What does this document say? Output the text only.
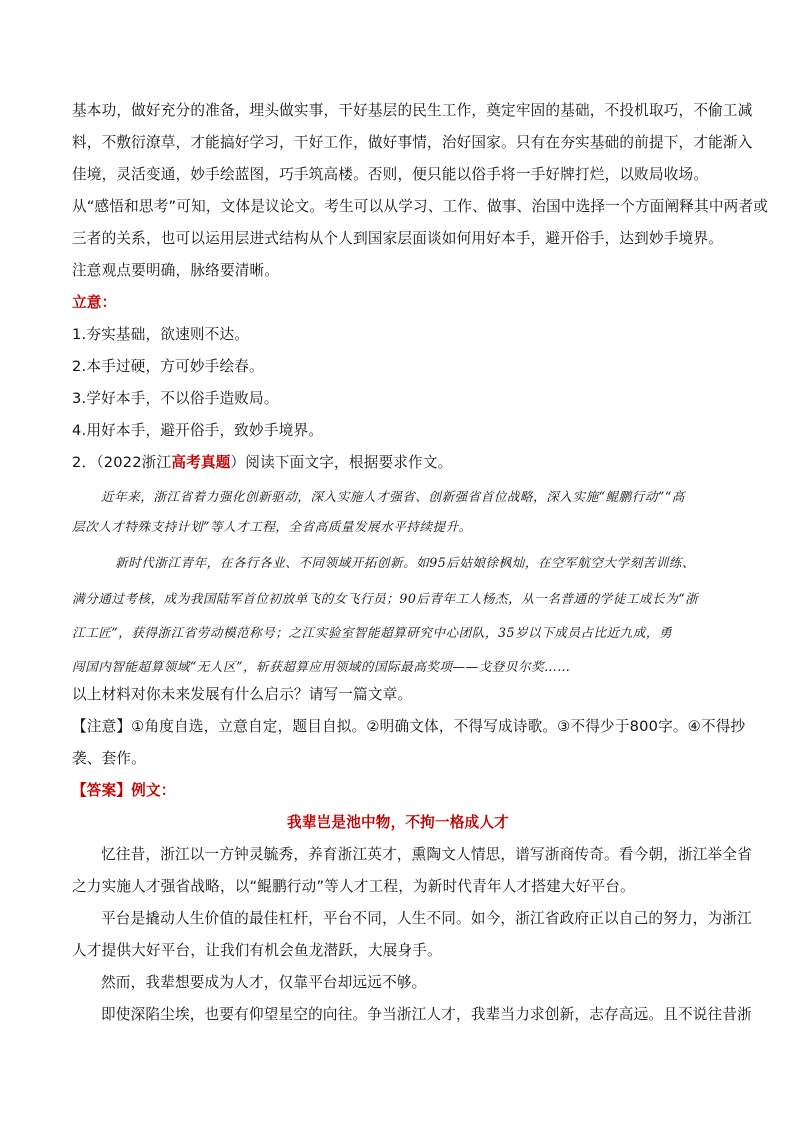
基本功，做好充分的准备，埋头做实事，干好基层的民生工作，奠定牢固的基础，不投机取巧，不偷工减
料，不敷衍潦草，才能搞好学习，干好工作，做好事情，治好国家。只有在夯实基础的前提下，才能渐入
佳境，灵活变通，妙手绘蓝图，巧手筑高楼。否则，便只能以俗手将一手好牌打烂，以败局收场。
从“感悟和思考”可知，文体是议论文。考生可以从学习、工作、做事、治国中选择一个方面阐释其中两者或
三者的关系，也可以运用层进式结构从个人到国家层面谈如何用好本手，避开俗手，达到妙手境界。
注意观点要明确，脉络要清晰。
立意：
1.夯实基础，欲速则不达。
2.本手过硬，方可妙手绘春。
3.学好本手，不以俗手造败局。
4.用好本手，避开俗手，致妙手境界。
2．（2022浙江高考真题）阅读下面文字，根据要求作文。
近年来，浙江省着力强化创新驱动，深入实施人才强省、创新强省首位战略，深入实施“鲲鹏行动”“高
层次人才特殊支持计划”等人才工程，全省高质量发展水平持续提升。
新时代浙江青年，在各行各业、不同领域开拓创新。如95后姑娘徐枫灿，在空军航空大学刻苦训练、
满分通过考核，成为我国陆军首位初放单飞的女飞行员；90后青年工人杨杰，从一名普通的学徒工成长为“浙
江工匠”，获得浙江省劳动模范称号；之江实验室智能超算研究中心团队，35岁以下成员占比近九成，勇
闯国内智能超算领域“无人区”，斩获超算应用领域的国际最高奖项——戈登贝尔奖……
以上材料对你未来发展有什么启示？请写一篇文章。
【注意】①角度自选，立意自定，题目自拟。②明确文体，不得写成诗歌。③不得少于800字。④不得抄
袭、套作。
【答案】例文：
我辈岂是池中物，不拘一格成人才
忆往昔，浙江以一方钟灵毓秀，养育浙江英才，熏陶文人情思，谱写浙商传奇。看今朝，浙江举全省
之力实施人才强省战略，以“鲲鹏行动”等人才工程，为新时代青年人才搭建大好平台。
平台是撬动人生价值的最佳杠杆，平台不同，人生不同。如今，浙江省政府正以自己的努力，为浙江
人才提供大好平台，让我们有机会鱼龙潜跃，大展身手。
然而，我辈想要成为人才，仅靠平台却远远不够。
即使深陷尘埃，也要有仰望星空的向往。争当浙江人才，我辈当力求创新，志存高远。且不说往昔浙
